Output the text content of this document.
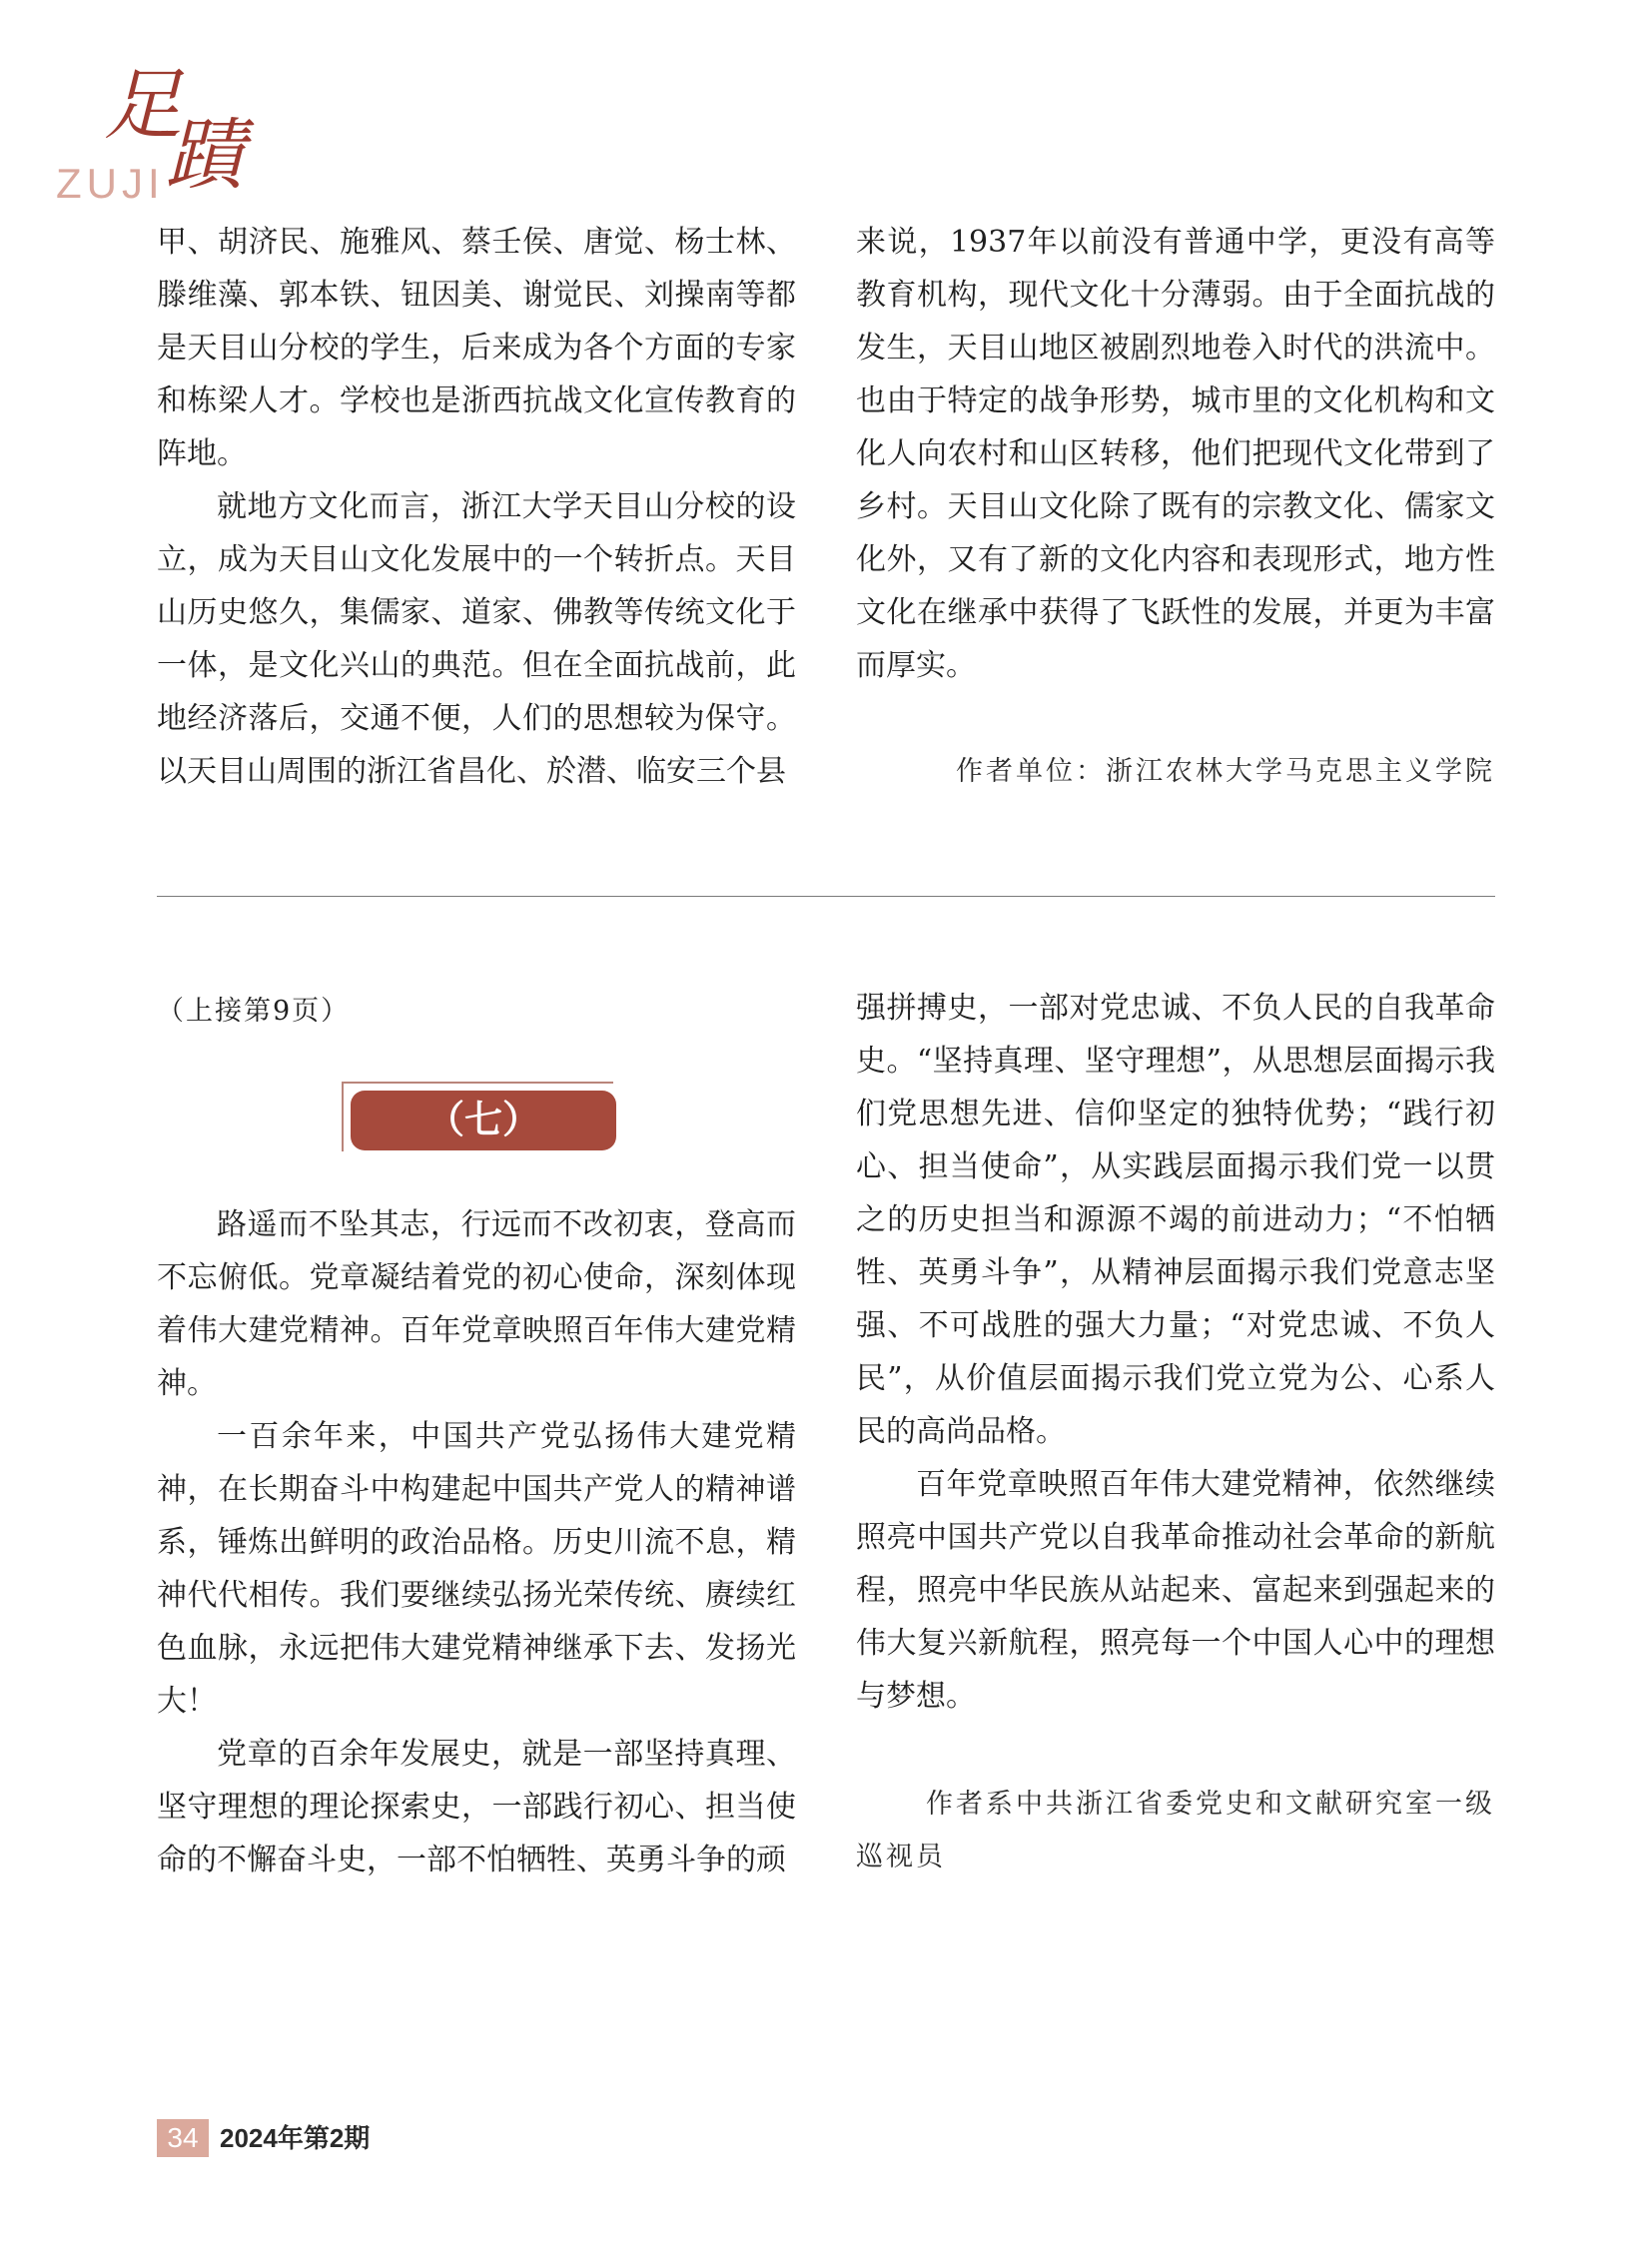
足
蹟
ZUJI

甲、胡济民、施雅风、蔡壬侯、唐觉、杨士林、滕维藻、郭本铁、钮因美、谢觉民、刘操南等都是天目山分校的学生，后来成为各个方面的专家和栋梁人才。学校也是浙西抗战文化宣传教育的阵地。

就地方文化而言，浙江大学天目山分校的设立，成为天目山文化发展中的一个转折点。天目山历史悠久，集儒家、道家、佛教等传统文化于一体，是文化兴山的典范。但在全面抗战前，此地经济落后，交通不便，人们的思想较为保守。以天目山周围的浙江省昌化、於潜、临安三个县

来说，1937年以前没有普通中学，更没有高等教育机构，现代文化十分薄弱。由于全面抗战的发生，天目山地区被剧烈地卷入时代的洪流中。也由于特定的战争形势，城市里的文化机构和文化人向农村和山区转移，他们把现代文化带到了乡村。天目山文化除了既有的宗教文化、儒家文化外，又有了新的文化内容和表现形式，地方性文化在继承中获得了飞跃性的发展，并更为丰富而厚实。

作者单位：浙江农林大学马克思主义学院
（上接第9页）
（七）

路遥而不坠其志，行远而不改初衷，登高而不忘俯低。党章凝结着党的初心使命，深刻体现着伟大建党精神。百年党章映照百年伟大建党精神。

一百余年来，中国共产党弘扬伟大建党精神，在长期奋斗中构建起中国共产党人的精神谱系，锤炼出鲜明的政治品格。历史川流不息，精神代代相传。我们要继续弘扬光荣传统、赓续红色血脉，永远把伟大建党精神继承下去、发扬光大！

党章的百余年发展史，就是一部坚持真理、坚守理想的理论探索史，一部践行初心、担当使命的不懈奋斗史，一部不怕牺牲、英勇斗争的顽

强拼搏史，一部对党忠诚、不负人民的自我革命史。“坚持真理、坚守理想”，从思想层面揭示我们党思想先进、信仰坚定的独特优势；“践行初心、担当使命”，从实践层面揭示我们党一以贯之的历史担当和源源不竭的前进动力；“不怕牺牲、英勇斗争”，从精神层面揭示我们党意志坚强、不可战胜的强大力量；“对党忠诚、不负人民”，从价值层面揭示我们党立党为公、心系人民的高尚品格。

百年党章映照百年伟大建党精神，依然继续照亮中国共产党以自我革命推动社会革命的新航程，照亮中华民族从站起来、富起来到强起来的伟大复兴新航程，照亮每一个中国人心中的理想与梦想。

作者系中共浙江省委党史和文献研究室一级
巡视员
34 2024年第2期
